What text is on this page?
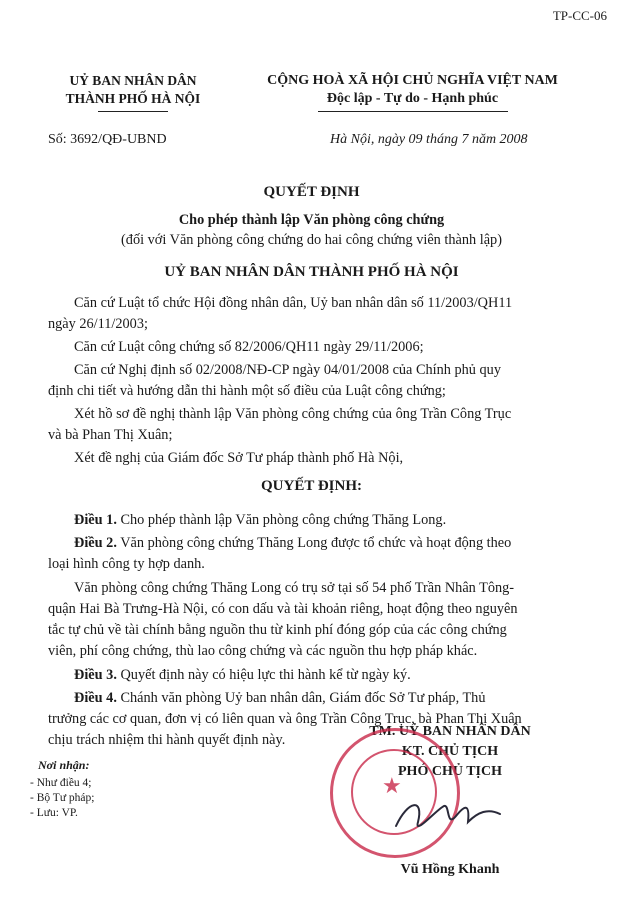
TP-CC-06
UỶ BAN NHÂN DÂN
THÀNH PHỐ HÀ NỘI
Số: 3692/QĐ-UBND
CỘNG HOÀ XÃ HỘI CHỦ NGHĨA VIỆT NAM
Độc lập - Tự do - Hạnh phúc
Hà Nội, ngày 09 tháng 7 năm 2008
QUYẾT ĐỊNH
Cho phép thành lập Văn phòng công chứng
(đối với Văn phòng công chứng do hai công chứng viên thành lập)
UỶ BAN NHÂN DÂN THÀNH PHỐ HÀ NỘI
Căn cứ Luật tổ chức Hội đồng nhân dân, Uỷ ban nhân dân số 11/2003/QH11
ngày 26/11/2003;
Căn cứ Luật công chứng số 82/2006/QH11 ngày 29/11/2006;
Căn cứ Nghị định số 02/2008/NĐ-CP ngày 04/01/2008 của Chính phủ quy
định chi tiết và hướng dẫn thi hành một số điều của Luật công chứng;
Xét hồ sơ đề nghị thành lập Văn phòng công chứng của ông Trần Công Trục
và bà Phan Thị Xuân;
Xét đề nghị của Giám đốc Sở Tư pháp thành phố Hà Nội,
QUYẾT ĐỊNH:
Điều 1. Cho phép thành lập Văn phòng công chứng Thăng Long.
Điều 2. Văn phòng công chứng Thăng Long được tổ chức và hoạt động theo
loại hình công ty hợp danh.
Văn phòng công chứng Thăng Long có trụ sở tại số 54 phố Trần Nhân Tông-
quận Hai Bà Trưng-Hà Nội, có con dấu và tài khoản riêng, hoạt động theo nguyên
tắc tự chủ về tài chính bằng nguồn thu từ kinh phí đóng góp của các công chứng
viên, phí công chứng, thù lao công chứng và các nguồn thu hợp pháp khác.
Điều 3. Quyết định này có hiệu lực thi hành kể từ ngày ký.
Điều 4. Chánh văn phòng Uỷ ban nhân dân, Giám đốc Sở Tư pháp, Thủ
trưởng các cơ quan, đơn vị có liên quan và ông Trần Công Trục, bà Phan Thị Xuân
chịu trách nhiệm thi hành quyết định này.
Nơi nhận:
- Như điều 4;
- Bộ Tư pháp;
- Lưu: VP.
TM. UỶ BAN NHÂN DÂN
KT. CHỦ TỊCH
PHÓ CHỦ TỊCH
★
Vũ Hồng Khanh
